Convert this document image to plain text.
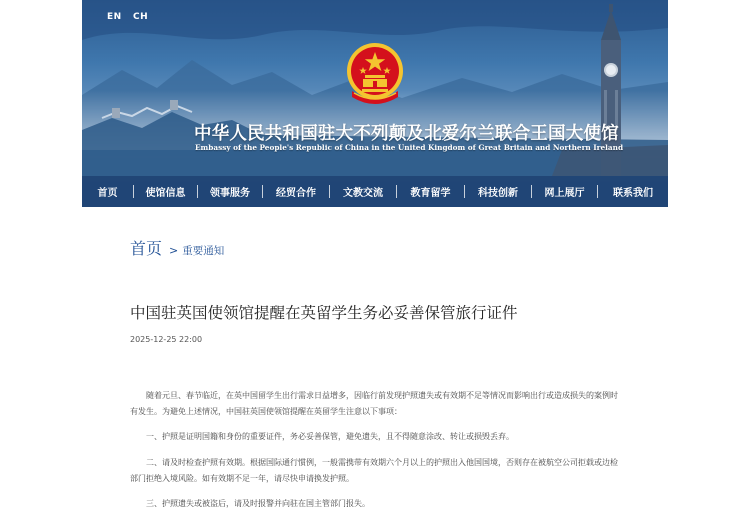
EN CH
中华人民共和国驻大不列颠及北爱尔兰联合王国大使馆
Embassy of the People's Republic of China in the United Kingdom of Great Britain and Northern Ireland
首页	使馆信息	领事服务	经贸合作	文教交流	教育留学	科技创新	网上展厅	联系我们
首页 > 重要通知
中国驻英国使领馆提醒在英留学生务必妥善保管旅行证件
2025-12-25 22:00

随着元旦、春节临近，在英中国留学生出行需求日益增多，因临行前发现护照遗失或有效期不足等情况而影响出行或造成损失的案例时有发生。为避免上述情况，中国驻英国使领馆提醒在英留学生注意以下事项：

一、护照是证明国籍和身份的重要证件，务必妥善保管，避免遗失，且不得随意涂改、转让或损毁丢弃。

二、请及时检查护照有效期。根据国际通行惯例，一般需携带有效期六个月以上的护照出入他国国境，否则存在被航空公司拒载或边检部门拒绝入境风险。如有效期不足一年，请尽快申请换发护照。

三、护照遗失或被盗后，请及时报警并向驻在国主管部门报失。
